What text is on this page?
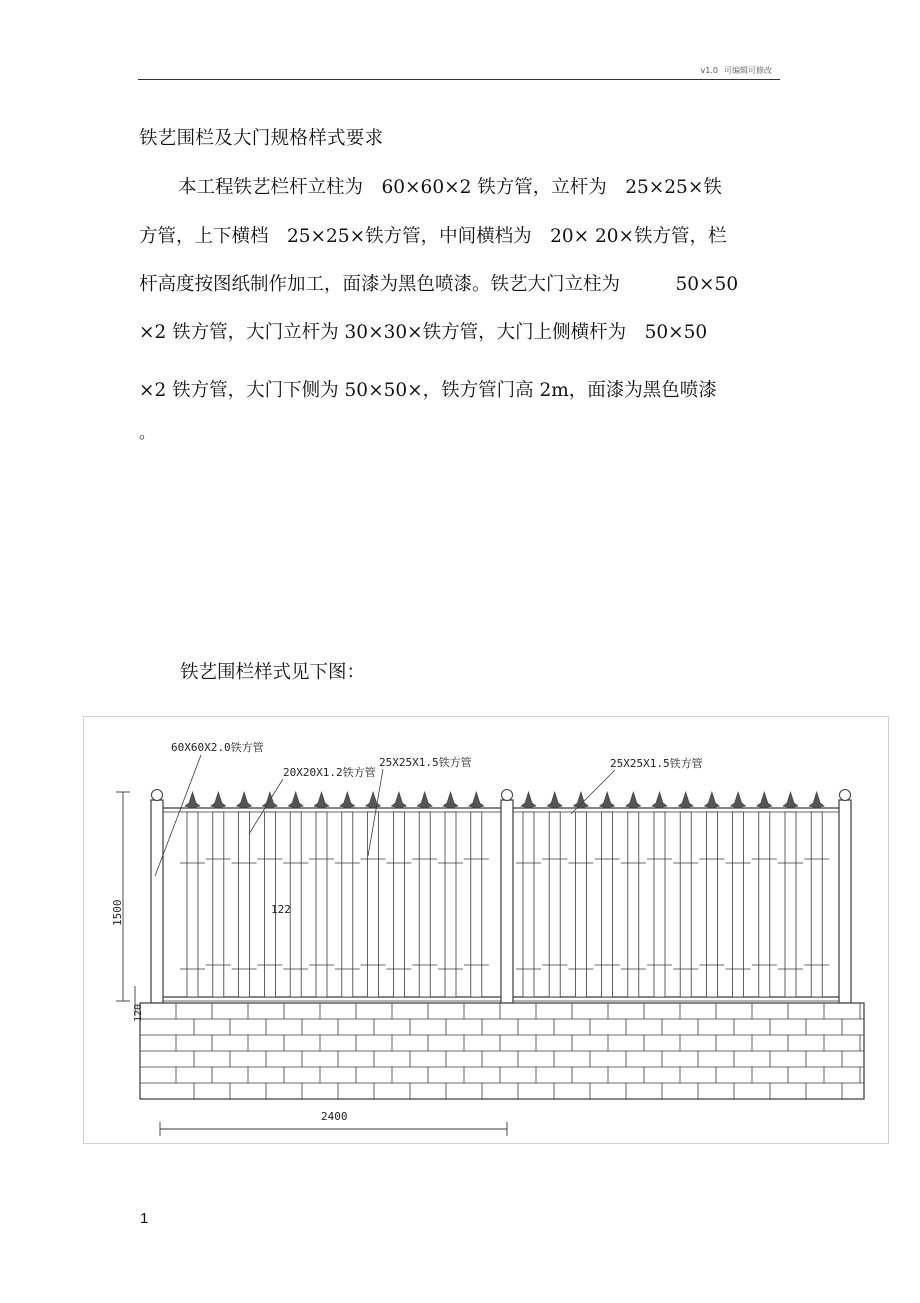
v1.0 可编辑可修改
铁艺围栏及大门规格样式要求
本工程铁艺栏杆立柱为　60×60×2 铁方管，立杆为　25×25×铁
方管，上下横档　25×25×铁方管，中间横档为　20× 20×铁方管，栏
杆高度按图纸制作加工，面漆为黑色喷漆。铁艺大门立柱为　　　50×50
×2 铁方管，大门立杆为 30×30×铁方管，大门上侧横杆为　50×50
×2 铁方管，大门下侧为 50×50×，铁方管门高 2m，面漆为黑色喷漆
。
铁艺围栏样式见下图：
60X60X2.0铁方管
20X20X1.2铁方管
25X25X1.5铁方管	25X25X1.5铁方管
122
1500
120
2400
1
